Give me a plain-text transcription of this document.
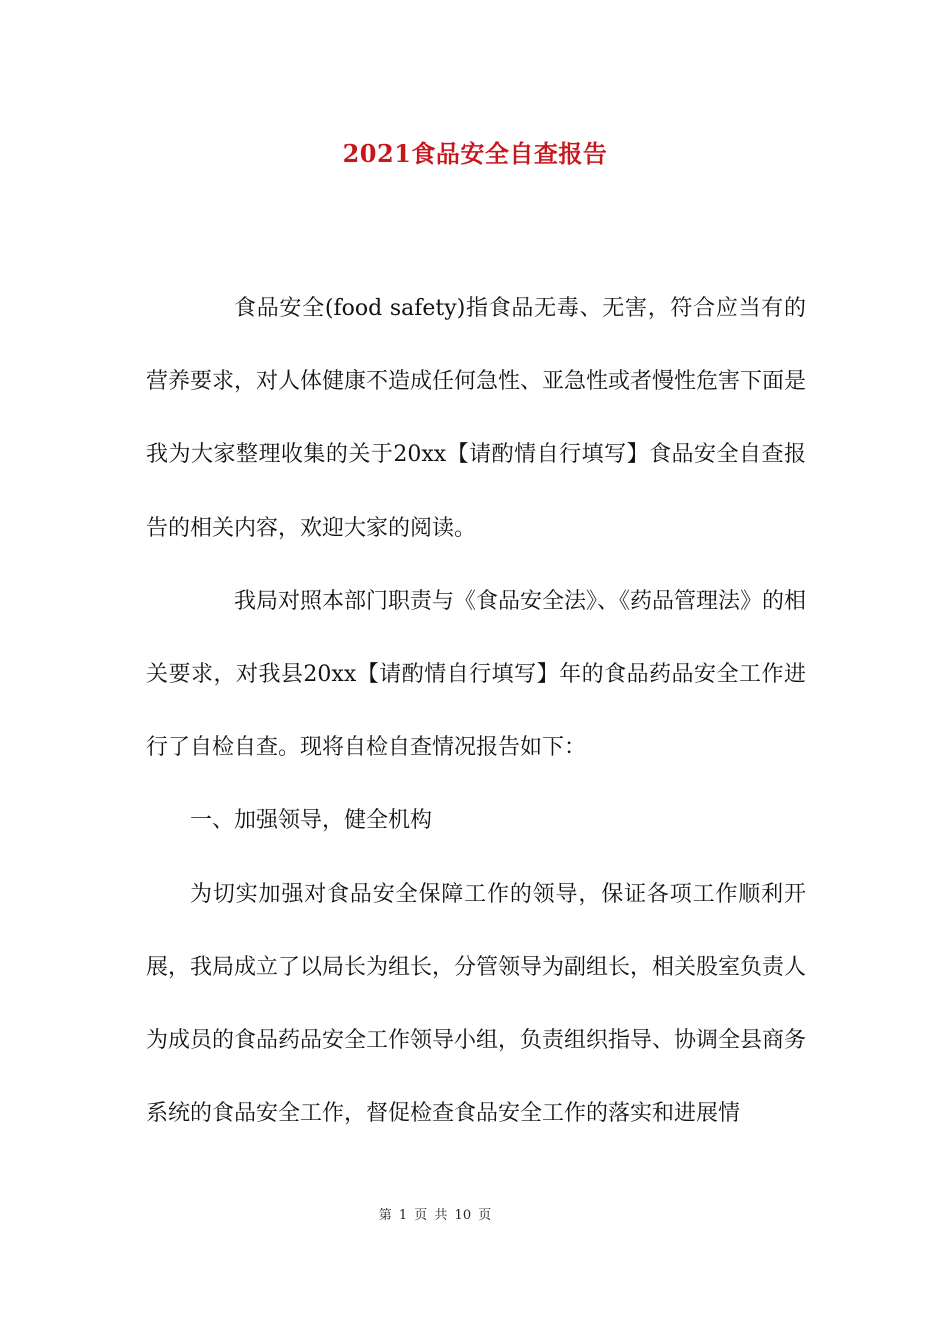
2021食品安全自查报告

食品安全(food safety)指食品无毒、无害，符合应当有的营养要求，对人体健康不造成任何急性、亚急性或者慢性危害下面是我为大家整理收集的关于20xx【请酌情自行填写】食品安全自查报告的相关内容，欢迎大家的阅读。

我局对照本部门职责与《食品安全法》、《药品管理法》的相关要求，对我县20xx【请酌情自行填写】年的食品药品安全工作进行了自检自查。现将自检自查情况报告如下：

一、加强领导，健全机构

为切实加强对食品安全保障工作的领导，保证各项工作顺利开展，我局成立了以局长为组长，分管领导为副组长，相关股室负责人为成员的食品药品安全工作领导小组，负责组织指导、协调全县商务系统的食品安全工作，督促检查食品安全工作的落实和进展情

第 1 页 共 10 页
